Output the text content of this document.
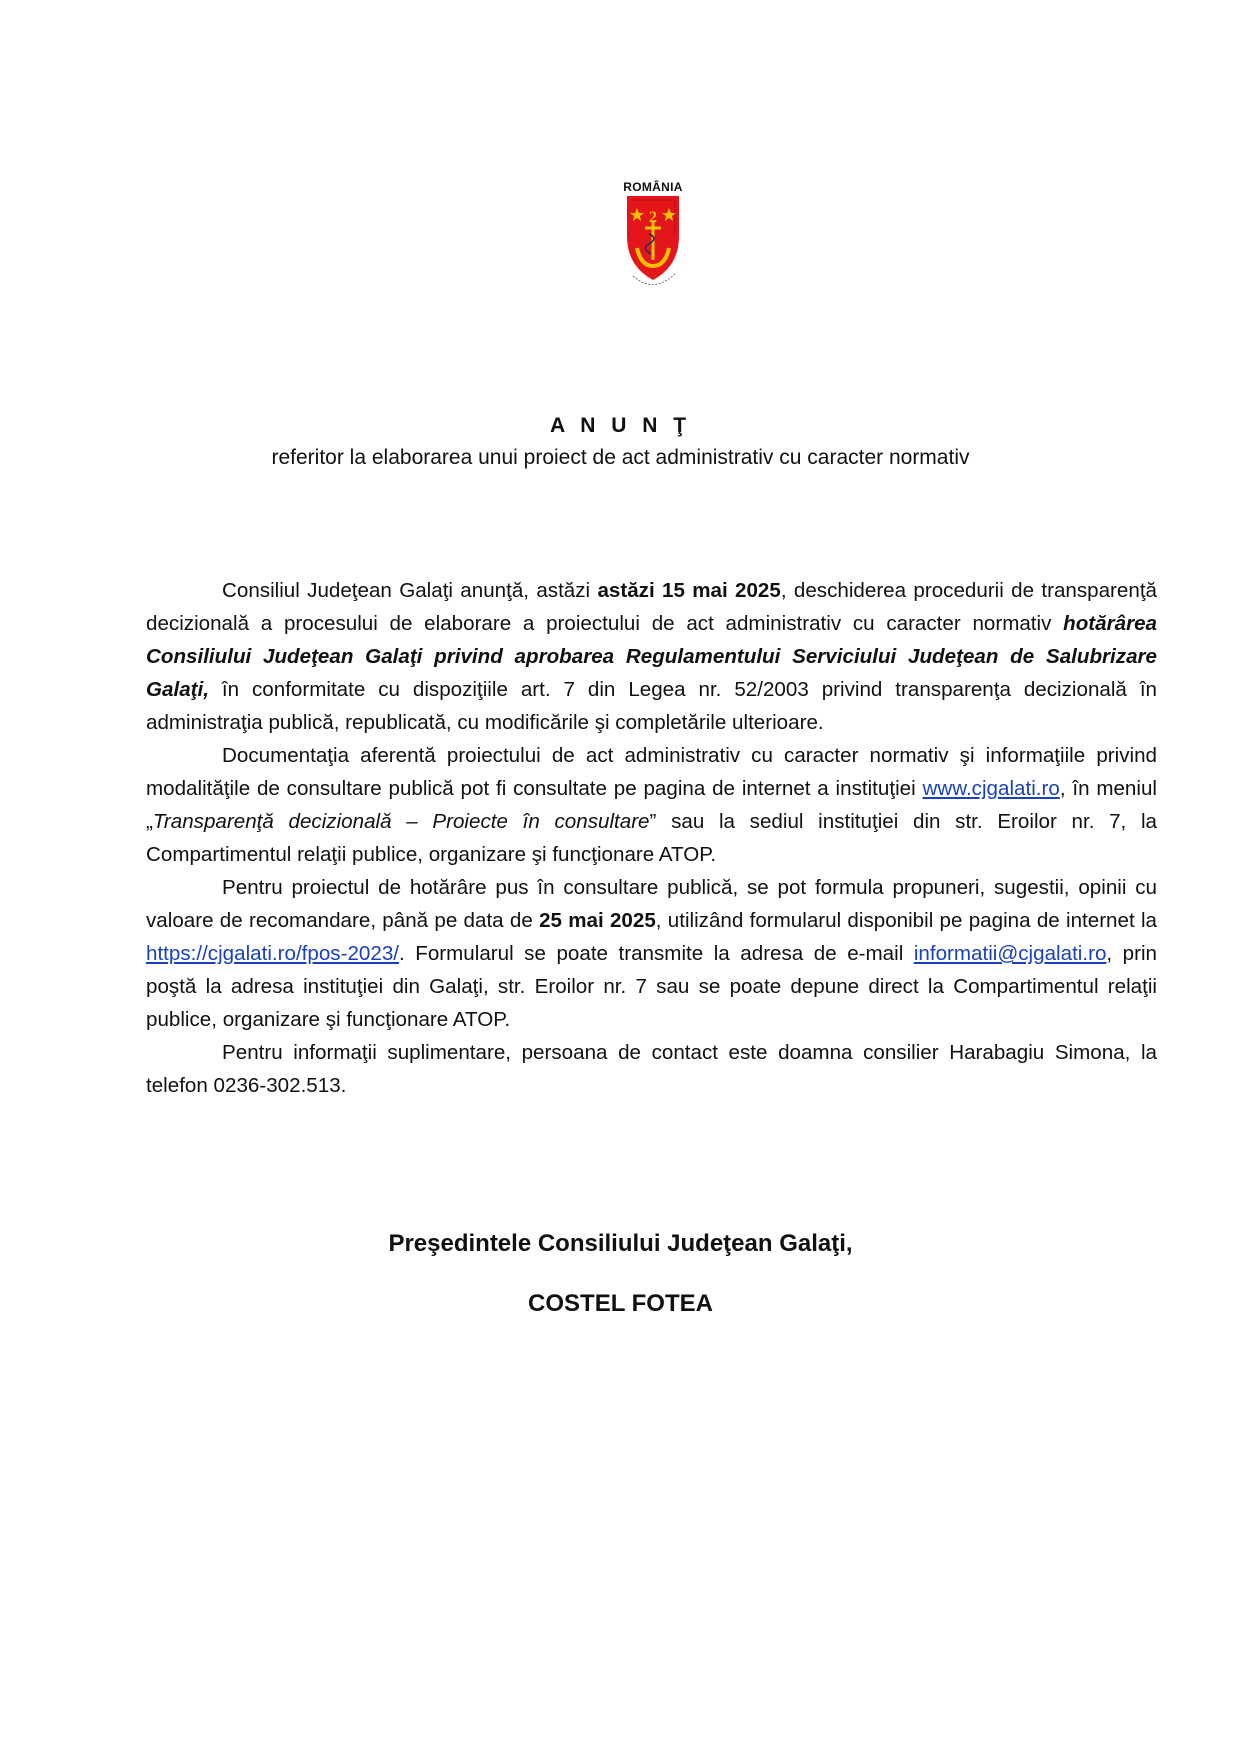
2
ROMÂNIA
A N U N Ţ
referitor la elaborarea unui proiect de act administrativ cu caracter normativ

Consiliul Judeţean Galaţi anunţă, astăzi astăzi 15 mai 2025, deschiderea procedurii de transparenţă decizională a procesului de elaborare a proiectului de act administrativ cu caracter normativ hotărârea Consiliului Judeţean Galaţi privind aprobarea Regulamentului Serviciului Judeţean de Salubrizare Galaţi, în conformitate cu dispoziţiile art. 7 din Legea nr. 52/2003 privind transparenţa decizională în administraţia publică, republicată, cu modificările şi completările ulterioare.

Documentaţia aferentă proiectului de act administrativ cu caracter normativ şi informaţiile privind modalităţile de consultare publică pot fi consultate pe pagina de internet a instituţiei www.cjgalati.ro, în meniul „Transparenţă decizională – Proiecte în consultare” sau la sediul instituţiei din str. Eroilor nr. 7, la Compartimentul relaţii publice, organizare şi funcţionare ATOP.

Pentru proiectul de hotărâre pus în consultare publică, se pot formula propuneri, sugestii, opinii cu valoare de recomandare, până pe data de 25 mai 2025, utilizând formularul disponibil pe pagina de internet la https://cjgalati.ro/fpos-2023/. Formularul se poate transmite la adresa de e-mail informatii@cjgalati.ro, prin poştă la adresa instituţiei din Galaţi, str. Eroilor nr. 7 sau se poate depune direct la Compartimentul relaţii publice, organizare şi funcţionare ATOP.

Pentru informaţii suplimentare, persoana de contact este doamna consilier Harabagiu Simona, la telefon 0236-302.513.

Preşedintele Consiliului Judeţean Galaţi,
COSTEL FOTEA
